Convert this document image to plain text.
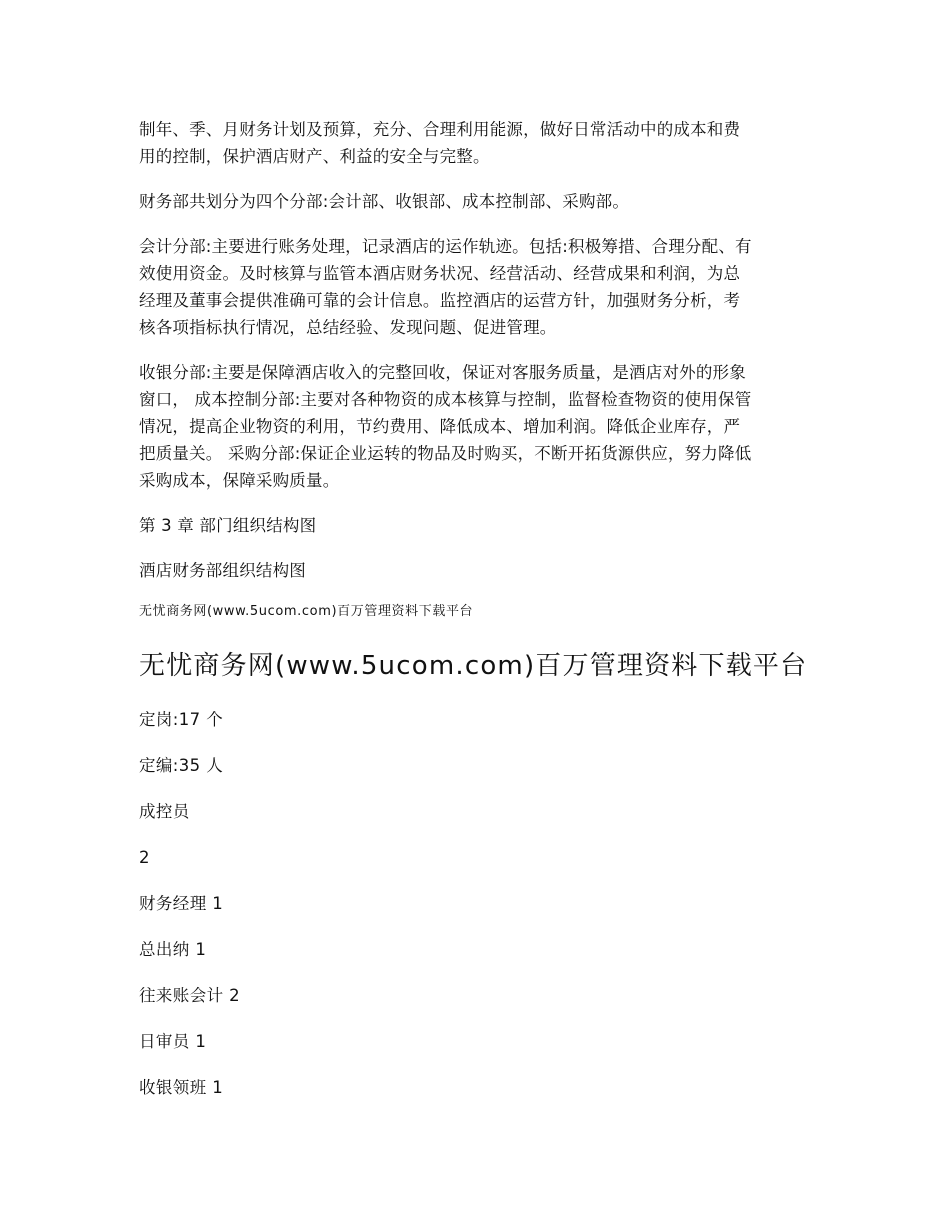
制年、季、月财务计划及预算，充分、合理利用能源，做好日常活动中的成本和费
用的控制，保护酒店财产、利益的安全与完整。

财务部共划分为四个分部:会计部、收银部、成本控制部、采购部。

会计分部:主要进行账务处理，记录酒店的运作轨迹。包括:积极筹措、合理分配、有
效使用资金。及时核算与监管本酒店财务状况、经营活动、经营成果和利润，为总
经理及董事会提供准确可靠的会计信息。监控酒店的运营方针，加强财务分析，考
核各项指标执行情况，总结经验、发现问题、促进管理。

收银分部:主要是保障酒店收入的完整回收，保证对客服务质量，是酒店对外的形象
窗口， 成本控制分部:主要对各种物资的成本核算与控制，监督检查物资的使用保管
情况，提高企业物资的利用，节约费用、降低成本、增加利润。降低企业库存，严
把质量关。 采购分部:保证企业运转的物品及时购买，不断开拓货源供应，努力降低
采购成本，保障采购质量。

第 3 章 部门组织结构图

酒店财务部组织结构图

无忧商务网(www.5ucom.com)百万管理资料下载平台

无忧商务网(www.5ucom.com)百万管理资料下载平台

定岗:17 个

定编:35 人

成控员

2

财务经理 1

总出纳 1

往来账会计 2

日审员 1

收银领班 1
